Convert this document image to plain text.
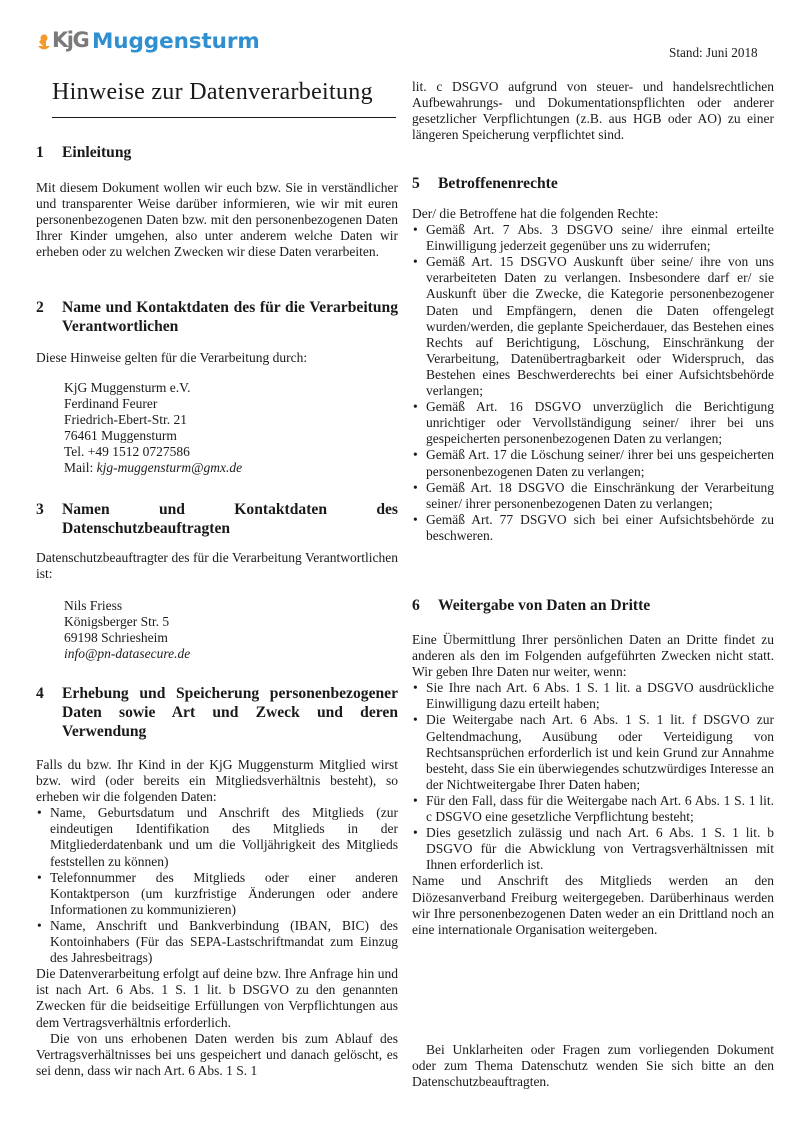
KjG Muggensturm	Stand: Juni 2018
Hinweise zur Datenverarbeitung
1	Einleitung

Mit diesem Dokument wollen wir euch bzw. Sie in verständlicher und transparenter Weise darüber informieren, wie wir mit euren personenbezogenen Daten bzw. mit den personenbezogenen Daten Ihrer Kinder umgehen, also unter anderem welche Daten wir erheben oder zu welchen Zwecken wir diese Daten verarbeiten.

2	Name und Kontaktdaten des für die Verarbeitung Verantwortlichen

Diese Hinweise gelten für die Verarbeitung durch:

KjG Muggensturm e.V.
Ferdinand Feurer
Friedrich-Ebert-Str. 21
76461 Muggensturm
Tel. +49 1512 0727586
Mail: kjg-muggensturm@gmx.de
3	Namen und Kontaktdaten des Datenschutzbeauftragten

Datenschutzbeauftragter des für die Verarbeitung Verantwortlichen ist:

Nils Friess
Königsberger Str. 5
69198 Schriesheim
info@pn-datasecure.de
4	Erhebung und Speicherung personenbezogener Daten sowie Art und Zweck und deren Verwendung

Falls du bzw. Ihr Kind in der KjG Muggensturm Mitglied wirst bzw. wird (oder bereits ein Mitgliedsverhältnis besteht), so erheben wir die folgenden Daten:

• Name, Geburtsdatum und Anschrift des Mitglieds (zur eindeutigen Identifikation des Mitglieds in der Mitgliederdatenbank und um die Volljährigkeit des Mitglieds feststellen zu können)
• Telefonnummer des Mitglieds oder einer anderen Kontaktperson (um kurzfristige Änderungen oder andere Informationen zu kommunizieren)
• Name, Anschrift und Bankverbindung (IBAN, BIC) des Kontoinhabers (Für das SEPA-Lastschriftmandat zum Einzug des Jahresbeitrags)

Die Datenverarbeitung erfolgt auf deine bzw. Ihre Anfrage hin und ist nach Art. 6 Abs. 1 S. 1 lit. b DSGVO zu den genannten Zwecken für die beidseitige Erfüllungen von Verpflichtungen aus dem Vertragsverhältnis erforderlich.

Die von uns erhobenen Daten werden bis zum Ablauf des Vertragsverhältnisses bei uns gespeichert und danach gelöscht, es sei denn, dass wir nach Art. 6 Abs. 1 S. 1

5	Betroffenenrechte

Der/ die Betroffene hat die folgenden Rechte:

• Gemäß Art. 7 Abs. 3 DSGVO seine/ ihre einmal erteilte Einwilligung jederzeit gegenüber uns zu widerrufen;
• Gemäß Art. 15 DSGVO Auskunft über seine/ ihre von uns verarbeiteten Daten zu verlangen. Insbesondere darf er/ sie Auskunft über die Zwecke, die Kategorie personenbezogener Daten und Empfängern, denen die Daten offengelegt wurden/werden, die geplante Speicherdauer, das Bestehen eines Rechts auf Berichtigung, Löschung, Einschränkung der Verarbeitung, Datenübertragbarkeit oder Widerspruch, das Bestehen eines Beschwerderechts bei einer Aufsichtsbehörde verlangen;
• Gemäß Art. 16 DSGVO unverzüglich die Berichtigung unrichtiger oder Vervollständigung seiner/ ihrer bei uns gespeicherten personenbezogenen Daten zu verlangen;
• Gemäß Art. 17 die Löschung seiner/ ihrer bei uns gespeicherten personenbezogenen Daten zu verlangen;
• Gemäß Art. 18 DSGVO die Einschränkung der Verarbeitung seiner/ ihrer personenbezogenen Daten zu verlangen;
• Gemäß Art. 77 DSGVO sich bei einer Aufsichtsbehörde zu beschweren.
6	Weitergabe von Daten an Dritte

Eine Übermittlung Ihrer persönlichen Daten an Dritte findet zu anderen als den im Folgenden aufgeführten Zwecken nicht statt. Wir geben Ihre Daten nur weiter, wenn:

• Sie Ihre nach Art. 6 Abs. 1 S. 1 lit. a DSGVO ausdrückliche Einwilligung dazu erteilt haben;
• Die Weitergabe nach Art. 6 Abs. 1 S. 1 lit. f DSGVO zur Geltendmachung, Ausübung oder Verteidigung von Rechtsansprüchen erforderlich ist und kein Grund zur Annahme besteht, dass Sie ein überwiegendes schutzwürdiges Interesse an der Nichtweitergabe Ihrer Daten haben;
• Für den Fall, dass für die Weitergabe nach Art. 6 Abs. 1 S. 1 lit. c DSGVO eine gesetzliche Verpflichtung besteht;
• Dies gesetzlich zulässig und nach Art. 6 Abs. 1 S. 1 lit. b DSGVO für die Abwicklung von Vertragsverhältnissen mit Ihnen erforderlich ist.

Name und Anschrift des Mitglieds werden an den Diözesanverband Freiburg weitergegeben. Darüberhinaus werden wir Ihre personenbezogenen Daten weder an ein Drittland noch an eine internationale Organisation weitergeben.

Bei Unklarheiten oder Fragen zum vorliegenden Dokument oder zum Thema Datenschutz wenden Sie sich bitte an den Datenschutzbeauftragten.

lit. c DSGVO aufgrund von steuer- und handelsrechtlichen Aufbewahrungs- und Dokumentationspflichten oder anderer gesetzlicher Verpflichtungen (z.B. aus HGB oder AO) zu einer längeren Speicherung verpflichtet sind.
